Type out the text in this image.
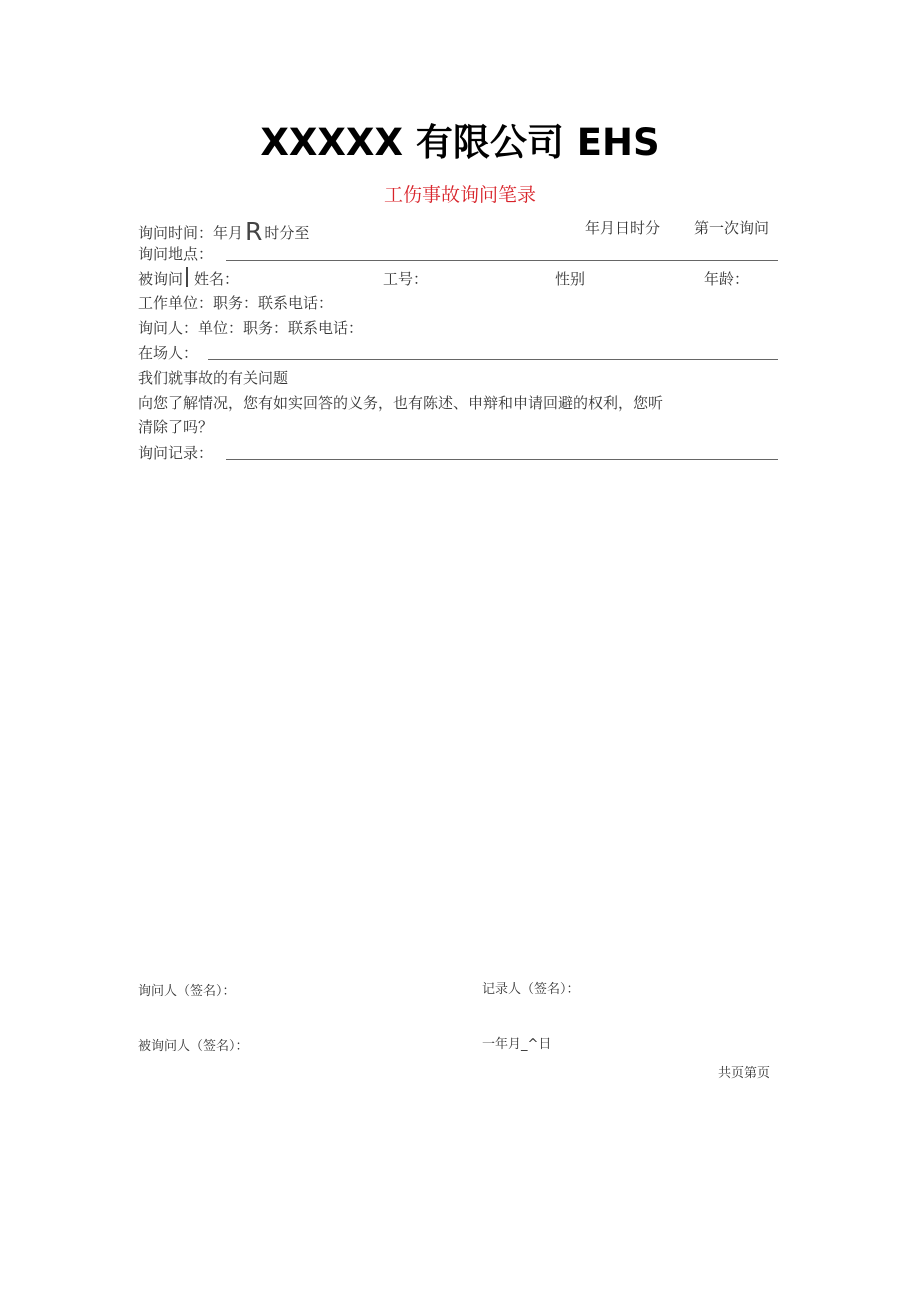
XXXXX 有限公司 EHS
工伤事故询问笔录
询问时间：年月R 时分至	年月日时分 第一次询问
询问地点：
被询问 姓名：	工号：	性别	年龄：
工作单位：职务：联系电话：
询问人：单位：职务：联系电话：
在场人：
我们就事故的有关问题
向您了解情况，您有如实回答的义务，也有陈述、申辩和申请回避的权利，您听
清除了吗？
询问记录：
询问人（签名）：	记录人（签名）：
被询问人（签名）：	一年月_^日
共页第页
